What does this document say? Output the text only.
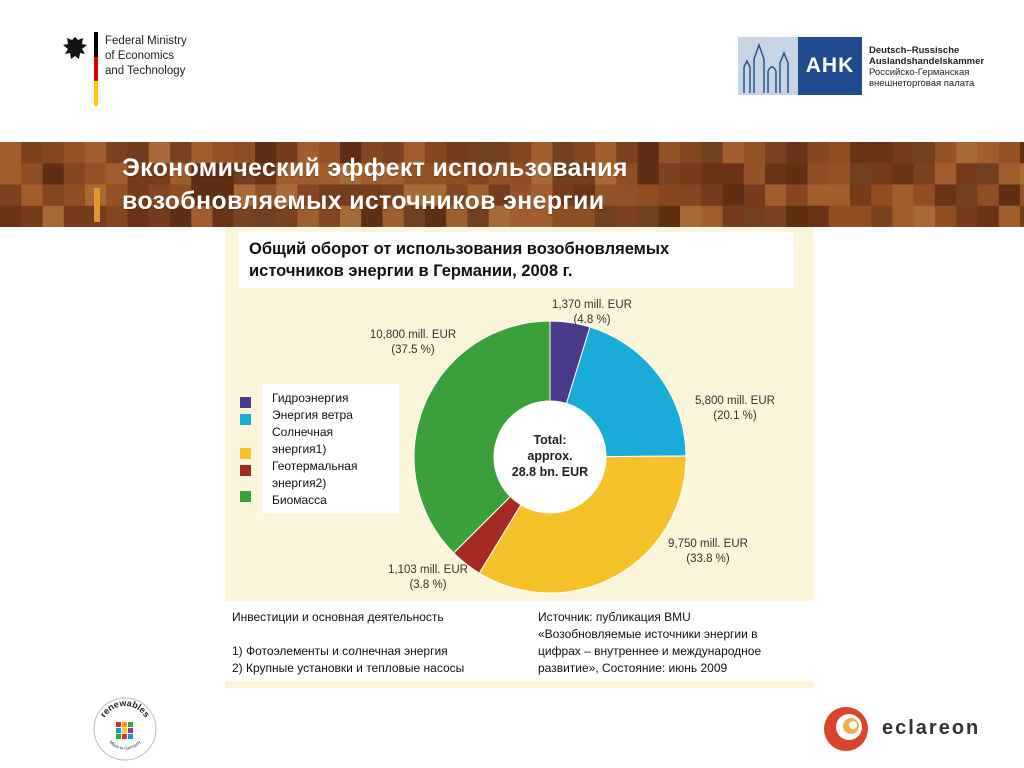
Federal Ministry
of Economics
and Technology	AHK
Deutsch–Russische
Auslandshandelskammer
Российско-Германская
внешнеторговая палата
Экономический эффект использования
возобновляемых источников энергии
Общий оборот от использования возобновляемых
источников энергии в Германии, 2008 г.
Гидроэнергия
Энергия ветра
Солнечная
энергия1)
Геотермальная
энергия2)
Биомасса
Total:
approx.
28.8 bn. EUR
1,370 mill. EUR
(4.8 %)
5,800 mill. EUR
(20.1 %)
9,750 mill. EUR
(33.8 %)
1,103 mill. EUR
(3.8 %)
10,800 mill. EUR
(37.5 %)
Инвестиции и основная деятельность
1) Фотоэлементы и солнечная энергия
2) Крупные установки и тепловые насосы
Источник: публикация BMU
«Возобновляемые источники энергии в
цифрах – внутреннее и международное
развитие», Состояние: июнь 2009
renewables
Made in Germany
eclareon
